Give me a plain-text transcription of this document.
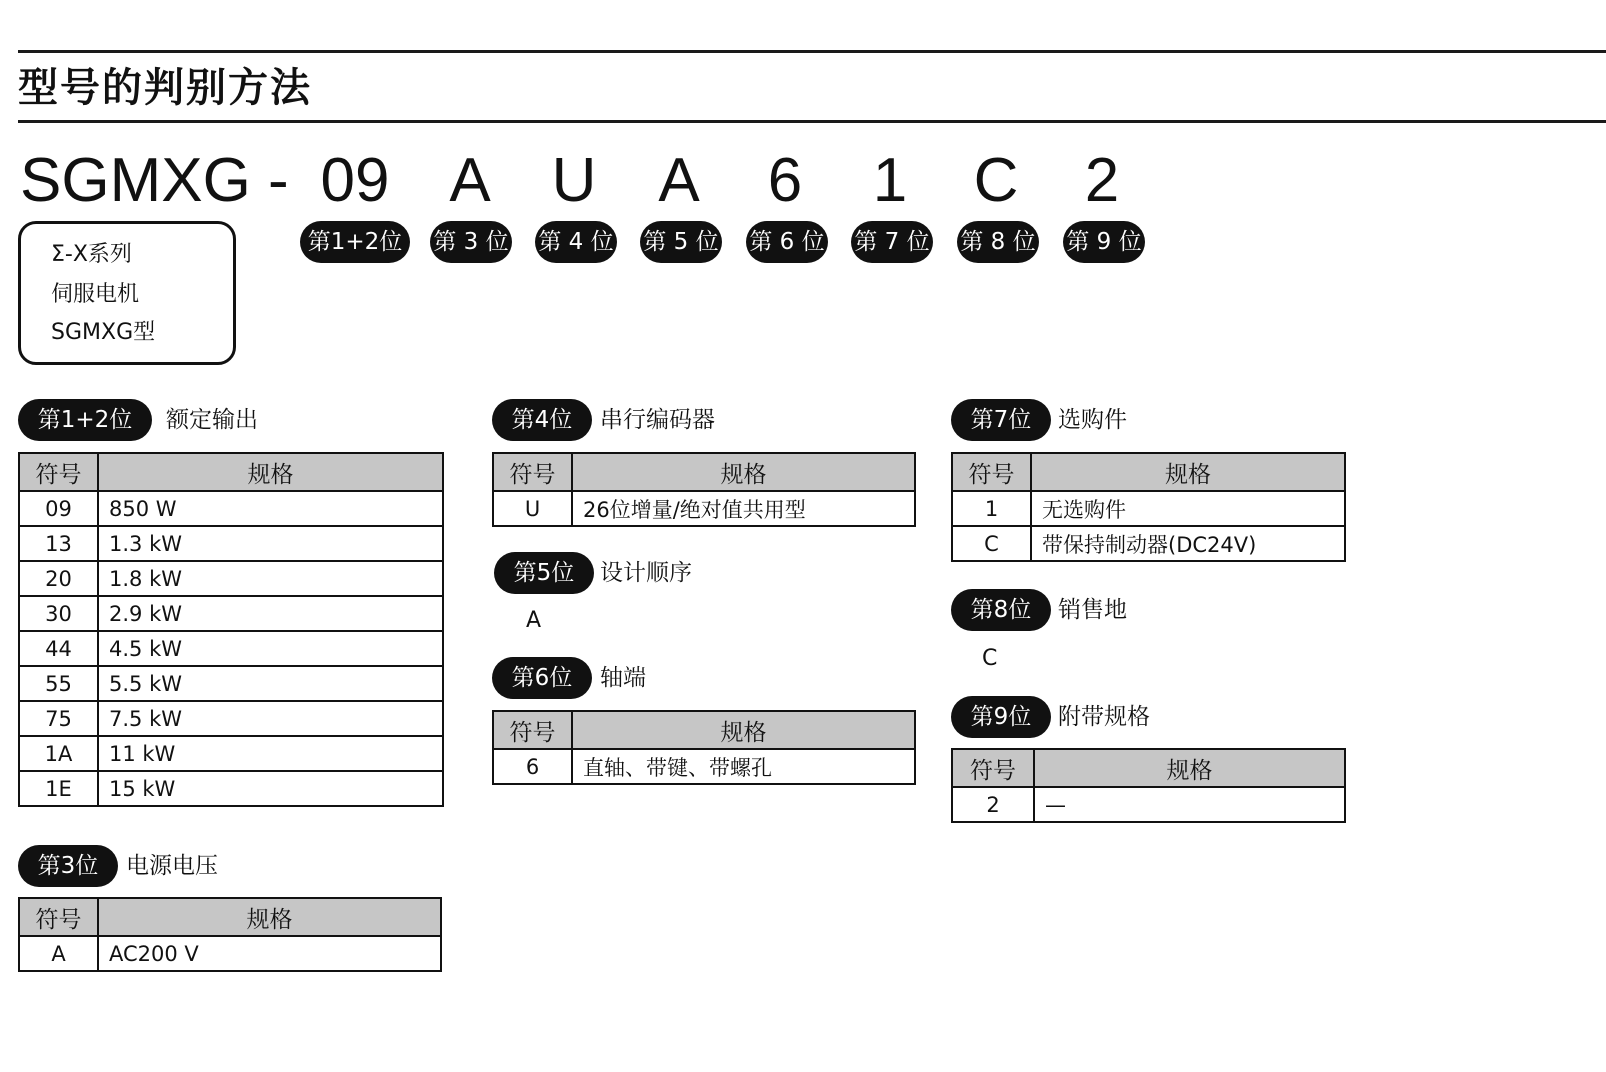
型号的判别方法
SGMXG - 09 A U A	6	1	C	2
第1+2位	第 3 位 第 4 位 第 5 位 第 6 位 第 7 位 第 8 位 第 9 位
Σ-X系列
伺服电机
SGMXG型
第1+2位	额定输出
符号	规格
09	850 W
13	1.3 kW
20	1.8 kW
30	2.9 kW
44	4.5 kW
55	5.5 kW
75	7.5 kW
1A	11 kW
1E	15 kW
第3位	电源电压
符号	规格
A	AC200 V
第4位	串行编码器
符号	规格
U	26位增量/绝对值共用型
第5位	设计顺序
A
第6位	轴端
符号	规格
6	直轴、带键、带螺孔
第7位	选购件
符号	规格
1	无选购件
C	带保持制动器(DC24V)
第8位	销售地
C
第9位	附带规格
符号	规格
2	—
